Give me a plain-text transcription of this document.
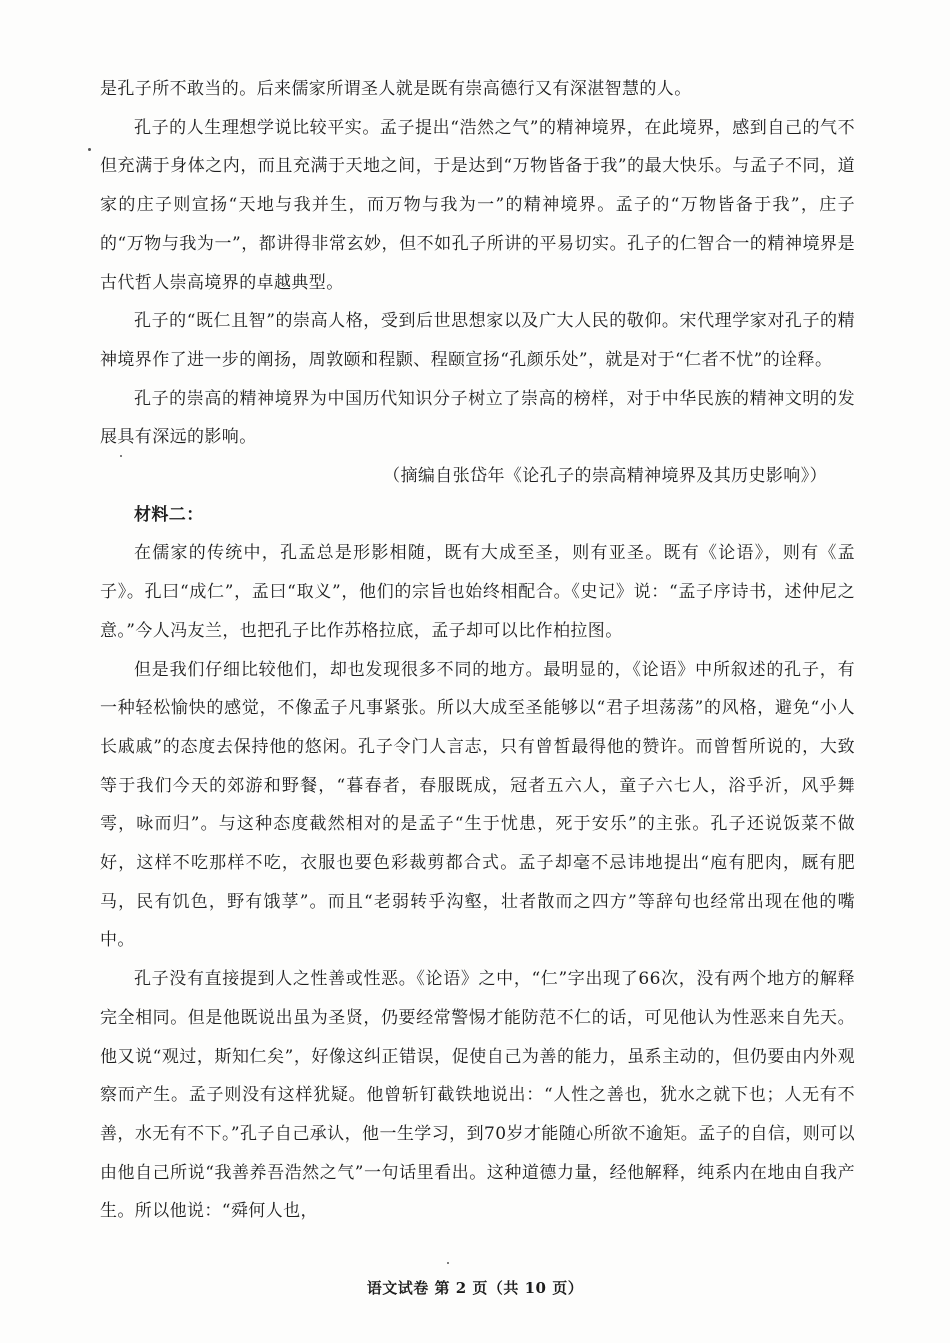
是孔子所不敢当的。后来儒家所谓圣人就是既有崇高德行又有深湛智慧的人。

孔子的人生理想学说比较平实。孟子提出“浩然之气”的精神境界，在此境界，感到自己的气不但充满于身体之内，而且充满于天地之间，于是达到“万物皆备于我”的最大快乐。与孟子不同，道家的庄子则宣扬“天地与我并生，而万物与我为一”的精神境界。孟子的“万物皆备于我”，庄子的“万物与我为一”，都讲得非常玄妙，但不如孔子所讲的平易切实。孔子的仁智合一的精神境界是古代哲人崇高境界的卓越典型。

孔子的“既仁且智”的崇高人格，受到后世思想家以及广大人民的敬仰。宋代理学家对孔子的精神境界作了进一步的阐扬，周敦颐和程颢、程颐宣扬“孔颜乐处”，就是对于“仁者不忧”的诠释。

孔子的崇高的精神境界为中国历代知识分子树立了崇高的榜样，对于中华民族的精神文明的发展具有深远的影响。

（摘编自张岱年《论孔子的崇高精神境界及其历史影响》）

材料二：

在儒家的传统中，孔孟总是形影相随，既有大成至圣，则有亚圣。既有《论语》，则有《孟子》。孔曰“成仁”，孟曰“取义”，他们的宗旨也始终相配合。《史记》说：“孟子序诗书，述仲尼之意。”今人冯友兰，也把孔子比作苏格拉底，孟子却可以比作柏拉图。

但是我们仔细比较他们，却也发现很多不同的地方。最明显的，《论语》中所叙述的孔子，有一种轻松愉快的感觉，不像孟子凡事紧张。所以大成至圣能够以“君子坦荡荡”的风格，避免“小人长戚戚”的态度去保持他的悠闲。孔子令门人言志，只有曾皙最得他的赞许。而曾皙所说的，大致等于我们今天的郊游和野餐，“暮春者，春服既成，冠者五六人，童子六七人，浴乎沂，风乎舞雩，咏而归”。与这种态度截然相对的是孟子“生于忧患，死于安乐”的主张。孔子还说饭菜不做好，这样不吃那样不吃，衣服也要色彩裁剪都合式。孟子却毫不忌讳地提出“庖有肥肉，厩有肥马，民有饥色，野有饿莩”。而且“老弱转乎沟壑，壮者散而之四方”等辞句也经常出现在他的嘴中。

孔子没有直接提到人之性善或性恶。《论语》之中，“仁”字出现了66次，没有两个地方的解释完全相同。但是他既说出虽为圣贤，仍要经常警惕才能防范不仁的话，可见他认为性恶来自先天。他又说“观过，斯知仁矣”，好像这纠正错误，促使自己为善的能力，虽系主动的，但仍要由内外观察而产生。孟子则没有这样犹疑。他曾斩钉截铁地说出：“人性之善也，犹水之就下也；人无有不善，水无有不下。”孔子自己承认，他一生学习，到70岁才能随心所欲不逾矩。孟子的自信，则可以由他自己所说“我善养吾浩然之气”一句话里看出。这种道德力量，经他解释，纯系内在地由自我产生。所以他说：“舜何人也，

语文试卷 第 2 页（共 10 页）
